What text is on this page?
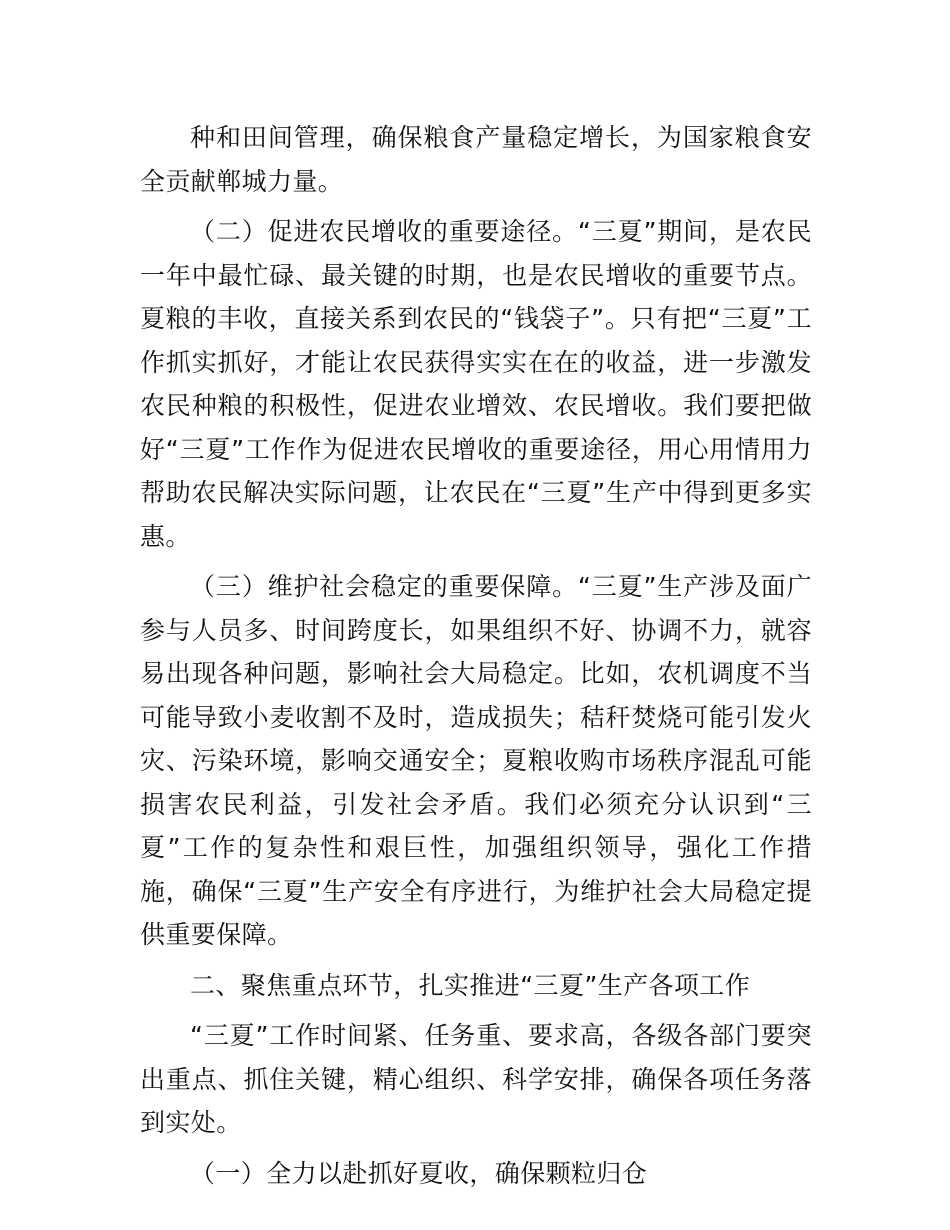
种和田间管理，确保粮食产量稳定增长，为国家粮食安全贡献郸城力量。

（二）促进农民增收的重要途径。“三夏”期间，是农民一年中最忙碌、最关键的时期，也是农民增收的重要节点。夏粮的丰收，直接关系到农民的“钱袋子”。只有把“三夏”工作抓实抓好，才能让农民获得实实在在的收益，进一步激发农民种粮的积极性，促进农业增效、农民增收。我们要把做好“三夏”工作作为促进农民增收的重要途径，用心用情用力帮助农民解决实际问题，让农民在“三夏”生产中得到更多实惠。

（三）维护社会稳定的重要保障。“三夏”生产涉及面广参与人员多、时间跨度长，如果组织不好、协调不力，就容易出现各种问题，影响社会大局稳定。比如，农机调度不当可能导致小麦收割不及时，造成损失；秸秆焚烧可能引发火灾、污染环境，影响交通安全；夏粮收购市场秩序混乱可能损害农民利益，引发社会矛盾。我们必须充分认识到“三夏”工作的复杂性和艰巨性，加强组织领导，强化工作措施，确保“三夏”生产安全有序进行，为维护社会大局稳定提供重要保障。

二、聚焦重点环节，扎实推进“三夏”生产各项工作

“三夏”工作时间紧、任务重、要求高，各级各部门要突出重点、抓住关键，精心组织、科学安排，确保各项任务落到实处。

（一）全力以赴抓好夏收，确保颗粒归仓
